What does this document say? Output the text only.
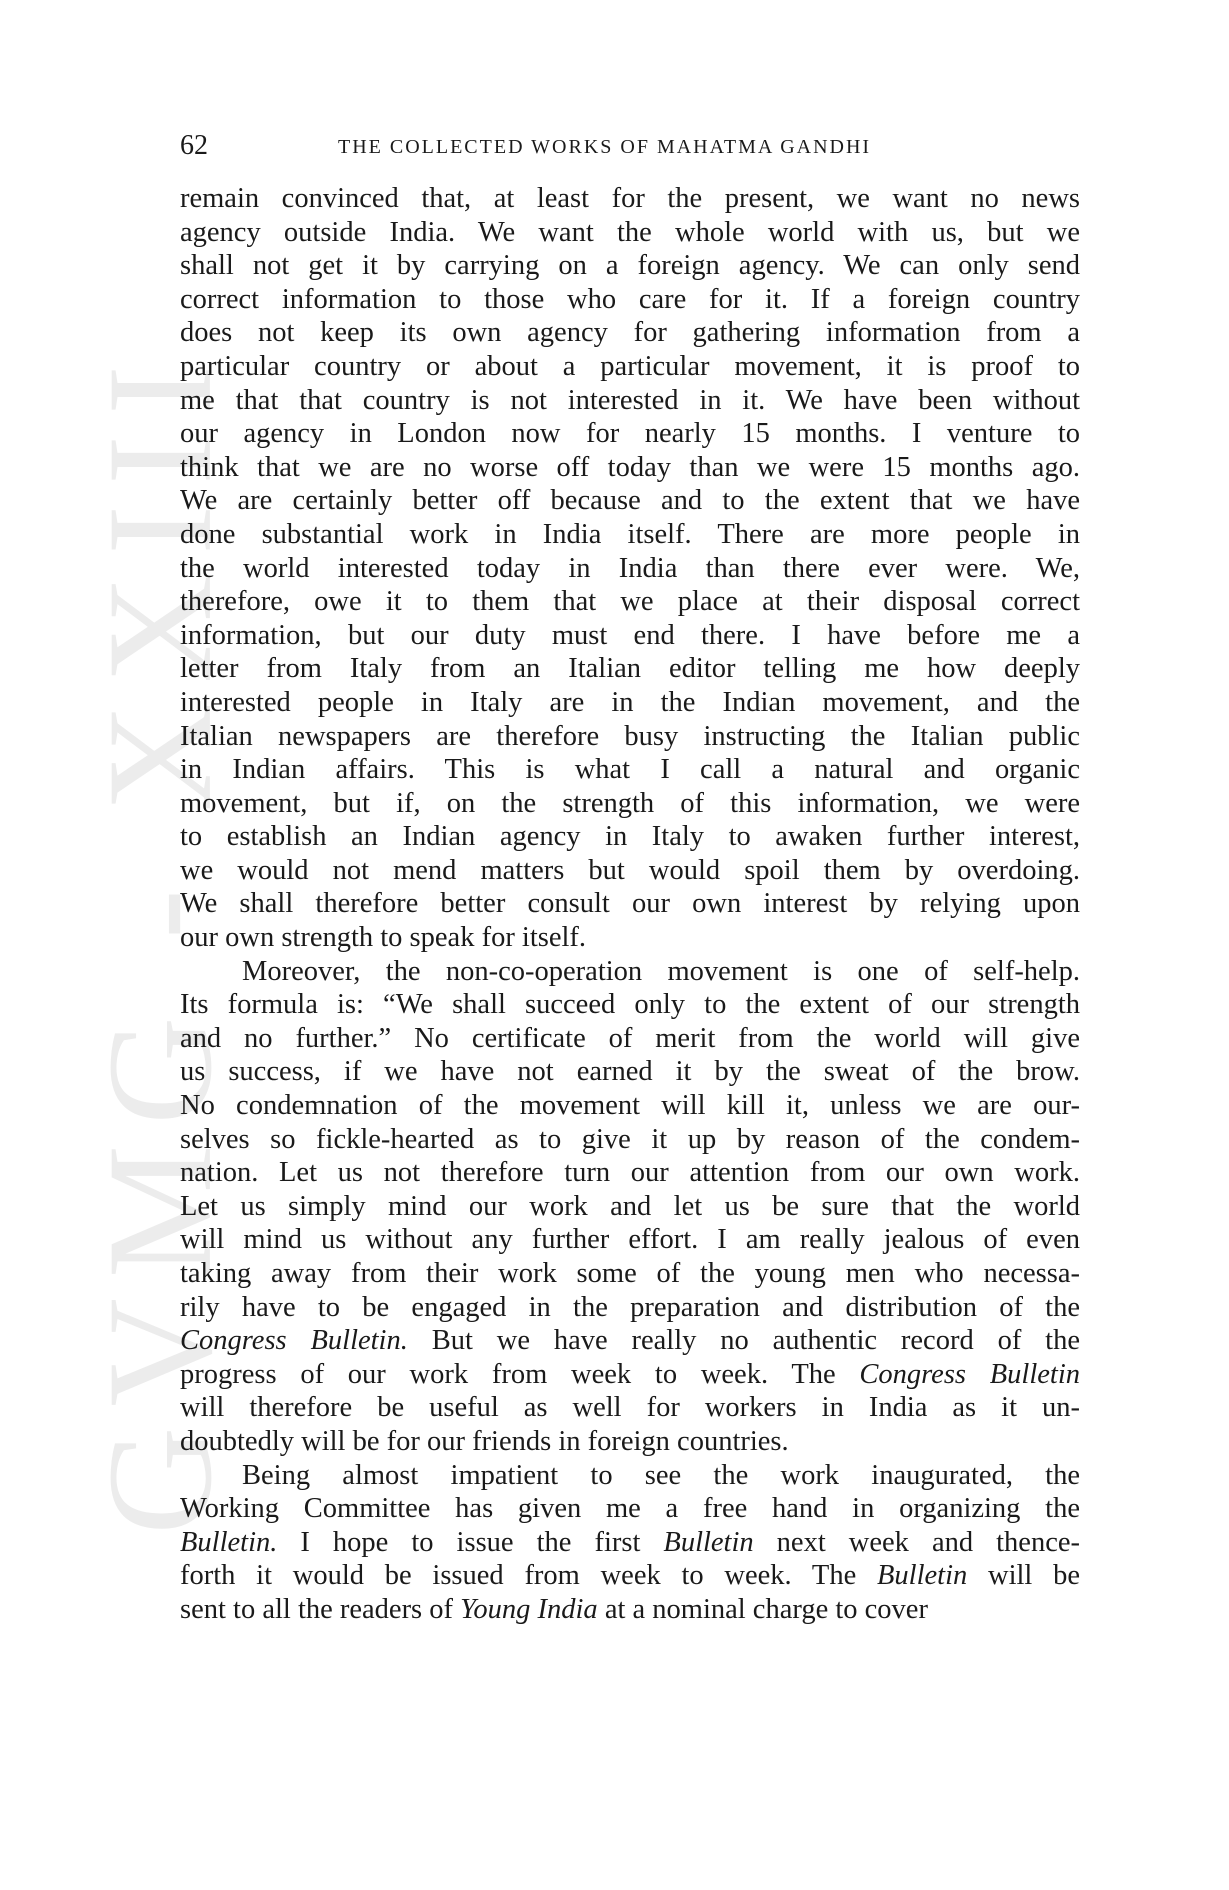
GVMG - XXIII
62	THE COLLECTED WORKS OF MAHATMA GANDHI

remain convinced that, at least for the present, we want no news
agency outside India. We want the whole world with us, but we
shall not get it by carrying on a foreign agency. We can only send
correct information to those who care for it. If a foreign country
does not keep its own agency for gathering information from a
particular country or about a particular movement, it is proof to
me that that country is not interested in it. We have been without
our agency in London now for nearly 15 months. I venture to
think that we are no worse off today than we were 15 months ago.
We are certainly better off because and to the extent that we have
done substantial work in India itself. There are more people in
the world interested today in India than there ever were. We,
therefore, owe it to them that we place at their disposal correct
information, but our duty must end there. I have before me a
letter from Italy from an Italian editor telling me how deeply
interested people in Italy are in the Indian movement, and the
Italian newspapers are therefore busy instructing the Italian public
in Indian affairs. This is what I call a natural and organic
movement, but if, on the strength of this information, we were
to establish an Indian agency in Italy to awaken further interest,
we would not mend matters but would spoil them by overdoing.
We shall therefore better consult our own interest by relying upon
our own strength to speak for itself.

Moreover, the non-co-operation movement is one of self-help.
Its formula is: “We shall succeed only to the extent of our strength
and no further.” No certificate of merit from the world will give
us success, if we have not earned it by the sweat of the brow.
No condemnation of the movement will kill it, unless we are our-
selves so fickle-hearted as to give it up by reason of the condem-
nation. Let us not therefore turn our attention from our own work.
Let us simply mind our work and let us be sure that the world
will mind us without any further effort. I am really jealous of even
taking away from their work some of the young men who necessa-
rily have to be engaged in the preparation and distribution of the
Congress Bulletin. But we have really no authentic record of the
progress of our work from week to week. The Congress Bulletin
will therefore be useful as well for workers in India as it un-
doubtedly will be for our friends in foreign countries.

Being almost impatient to see the work inaugurated, the
Working Committee has given me a free hand in organizing the
Bulletin. I hope to issue the first Bulletin next week and thence-
forth it would be issued from week to week. The Bulletin will be
sent to all the readers of Young India at a nominal charge to cover
